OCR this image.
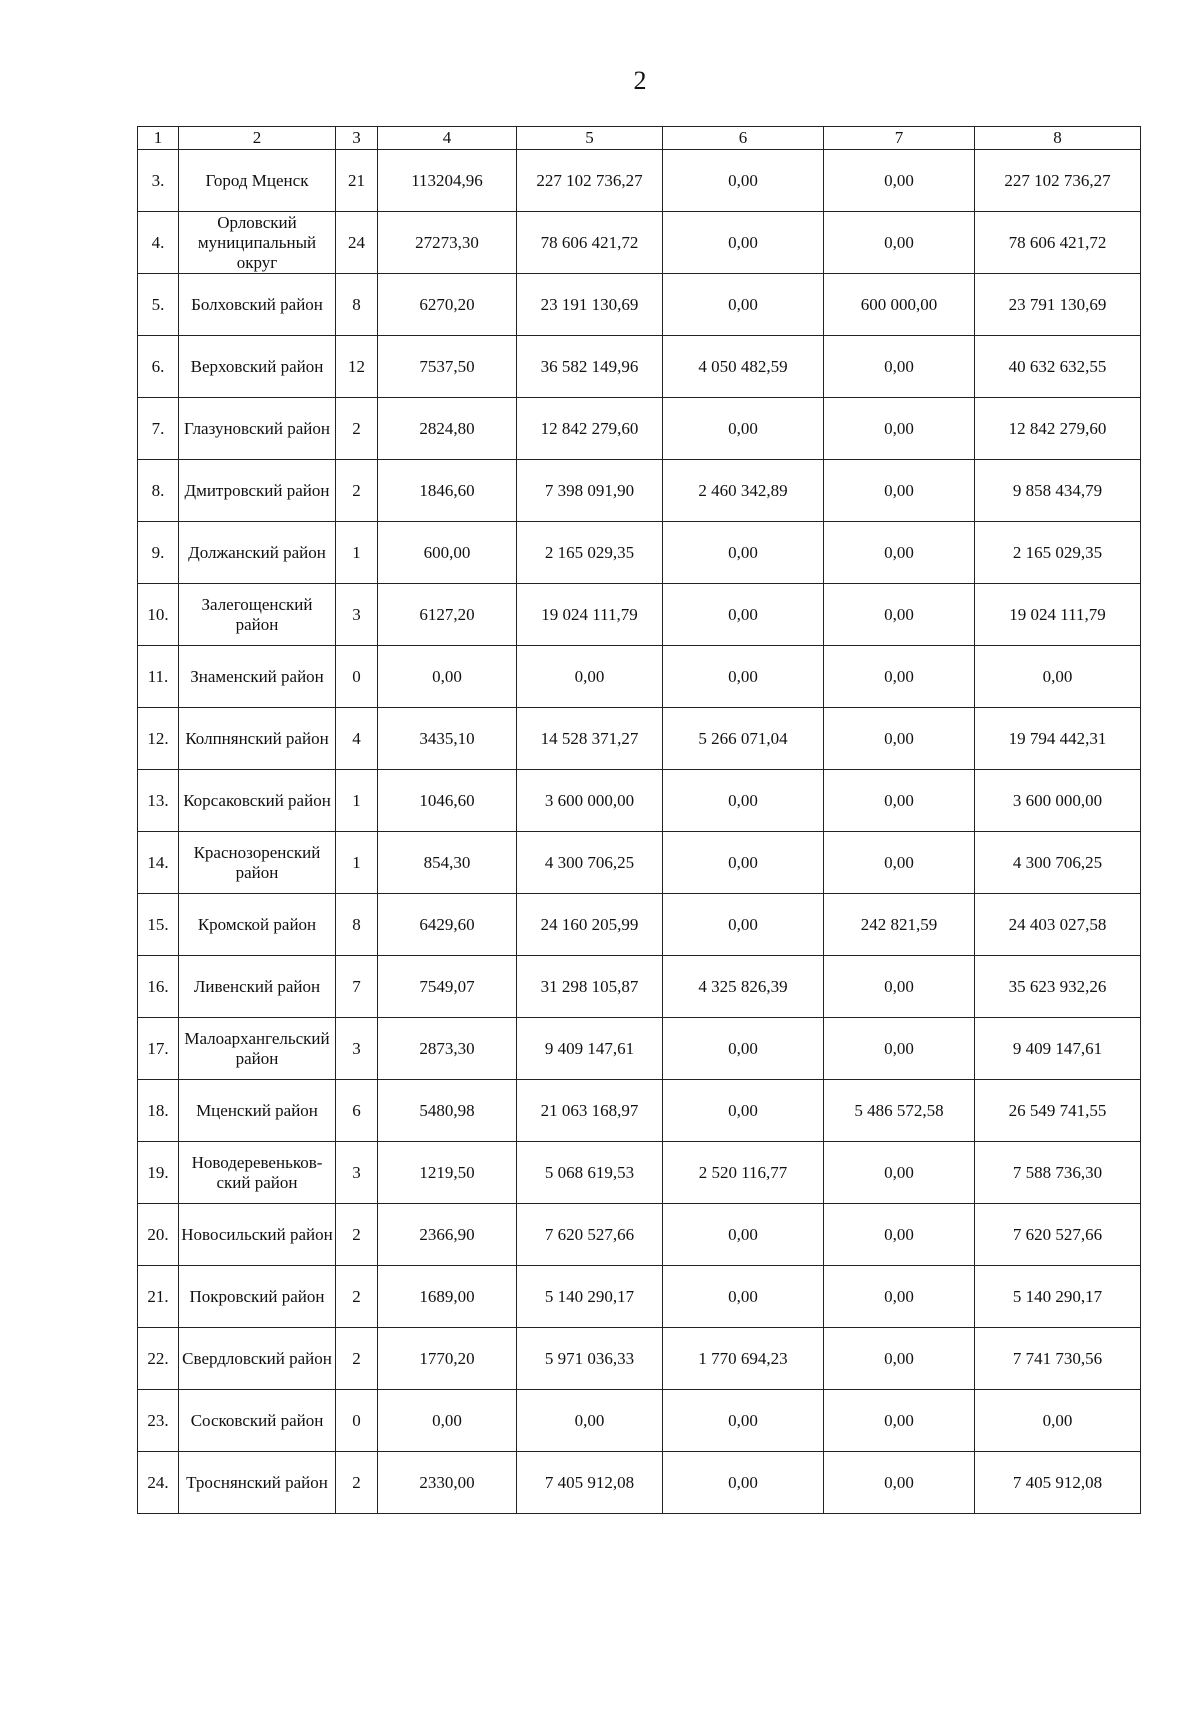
2
1	2	3	4	5	6	7	8
3.	Город Мценск	21	113204,96	227 102 736,27	0,00	0,00	227 102 736,27
4.	Орловский муниципальный округ	24	27273,30	78 606 421,72	0,00	0,00	78 606 421,72
5.	Болховский район	8	6270,20	23 191 130,69	0,00	600 000,00	23 791 130,69
6.	Верховский район	12	7537,50	36 582 149,96	4 050 482,59	0,00	40 632 632,55
7.	Глазуновский район	2	2824,80	12 842 279,60	0,00	0,00	12 842 279,60
8.	Дмитровский район	2	1846,60	7 398 091,90	2 460 342,89	0,00	9 858 434,79
9.	Должанский район	1	600,00	2 165 029,35	0,00	0,00	2 165 029,35
10.	Залегощенский район	3	6127,20	19 024 111,79	0,00	0,00	19 024 111,79
11.	Знаменский район	0	0,00	0,00	0,00	0,00	0,00
12.	Колпнянский район	4	3435,10	14 528 371,27	5 266 071,04	0,00	19 794 442,31
13.	Корсаковский район	1	1046,60	3 600 000,00	0,00	0,00	3 600 000,00
14.	Краснозоренский район	1	854,30	4 300 706,25	0,00	0,00	4 300 706,25
15.	Кромской район	8	6429,60	24 160 205,99	0,00	242 821,59	24 403 027,58
16.	Ливенский район	7	7549,07	31 298 105,87	4 325 826,39	0,00	35 623 932,26
17.	Малоархангельский район	3	2873,30	9 409 147,61	0,00	0,00	9 409 147,61
18.	Мценский район	6	5480,98	21 063 168,97	0,00	5 486 572,58	26 549 741,55
19.	Новодеревеньков-ский район	3	1219,50	5 068 619,53	2 520 116,77	0,00	7 588 736,30
20.	Новосильский район	2	2366,90	7 620 527,66	0,00	0,00	7 620 527,66
21.	Покровский район	2	1689,00	5 140 290,17	0,00	0,00	5 140 290,17
22.	Свердловский район	2	1770,20	5 971 036,33	1 770 694,23	0,00	7 741 730,56
23.	Сосковский район	0	0,00	0,00	0,00	0,00	0,00
24.	Троснянский район	2	2330,00	7 405 912,08	0,00	0,00	7 405 912,08
